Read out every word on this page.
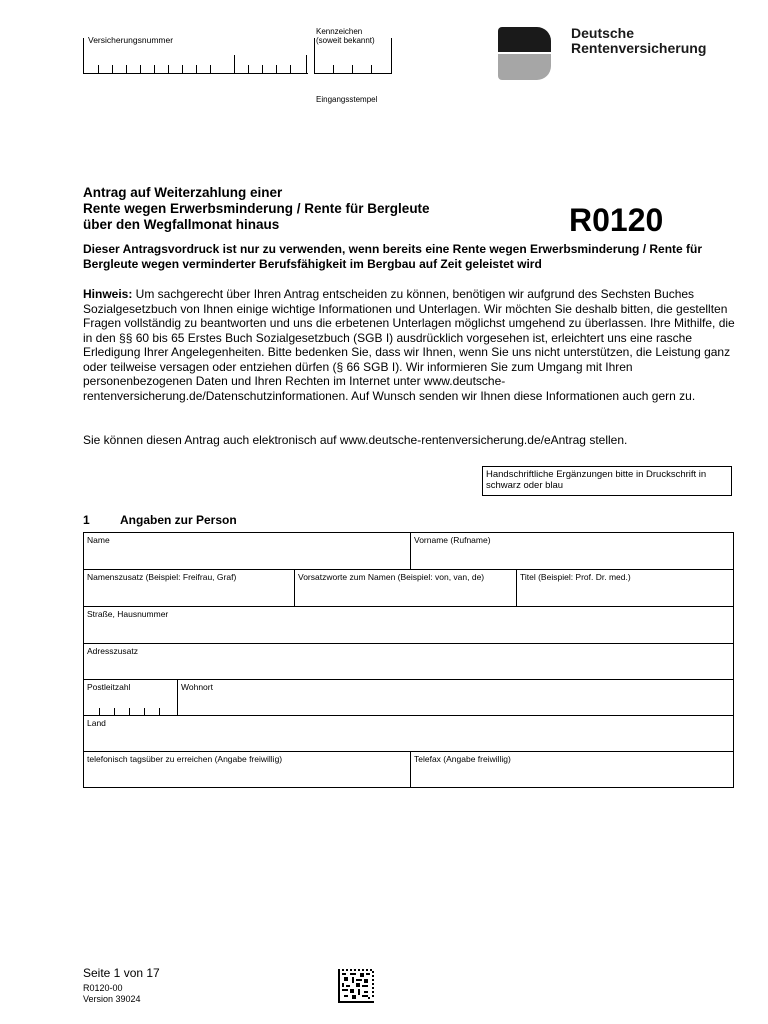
Versicherungsnummer
Kennzeichen
(soweit bekannt)
Eingangsstempel
Deutsche
Rentenversicherung
Antrag auf Weiterzahlung einer
Rente wegen Erwerbsminderung / Rente für Bergleute
über den Wegfallmonat hinaus	R0120
Dieser Antragsvordruck ist nur zu verwenden, wenn bereits eine Rente wegen Erwerbsminderung / Rente für Bergleute wegen verminderter Berufsfähigkeit im Bergbau auf Zeit geleistet wird
Hinweis: Um sachgerecht über Ihren Antrag entscheiden zu können, benötigen wir aufgrund des Sechsten Buches Sozialgesetzbuch von Ihnen einige wichtige Informationen und Unterlagen. Wir möchten Sie deshalb bitten, die gestellten Fragen vollständig zu beantworten und uns die erbetenen Unterlagen möglichst umgehend zu überlassen. Ihre Mithilfe, die in den §§ 60 bis 65 Erstes Buch Sozialgesetzbuch (SGB I) ausdrücklich vorgesehen ist, erleichtert uns eine rasche Erledigung Ihrer Angelegenheiten. Bitte bedenken Sie, dass wir Ihnen, wenn Sie uns nicht unterstützen, die Leistung ganz oder teilweise versagen oder entziehen dürfen (§ 66 SGB I). Wir informieren Sie zum Umgang mit Ihren personenbezogenen Daten und Ihren Rechten im Internet unter www.deutsche-rentenversicherung.de/Datenschutzinformationen. Auf Wunsch senden wir Ihnen diese Informationen auch gern zu.
Sie können diesen Antrag auch elektronisch auf www.deutsche-rentenversicherung.de/eAntrag stellen.
Handschriftliche Ergänzungen bitte in Druckschrift in schwarz oder blau
1	Angaben zur Person
Name	Vorname (Rufname)
Namenszusatz (Beispiel: Freifrau, Graf)	Vorsatzworte zum Namen (Beispiel: von, van, de)	Titel (Beispiel: Prof. Dr. med.)
Straße, Hausnummer
Adresszusatz
Postleitzahl	Wohnort
Land
telefonisch tagsüber zu erreichen (Angabe freiwillig)	Telefax (Angabe freiwillig)
Seite 1 von 17
R0120-00
Version 39024
